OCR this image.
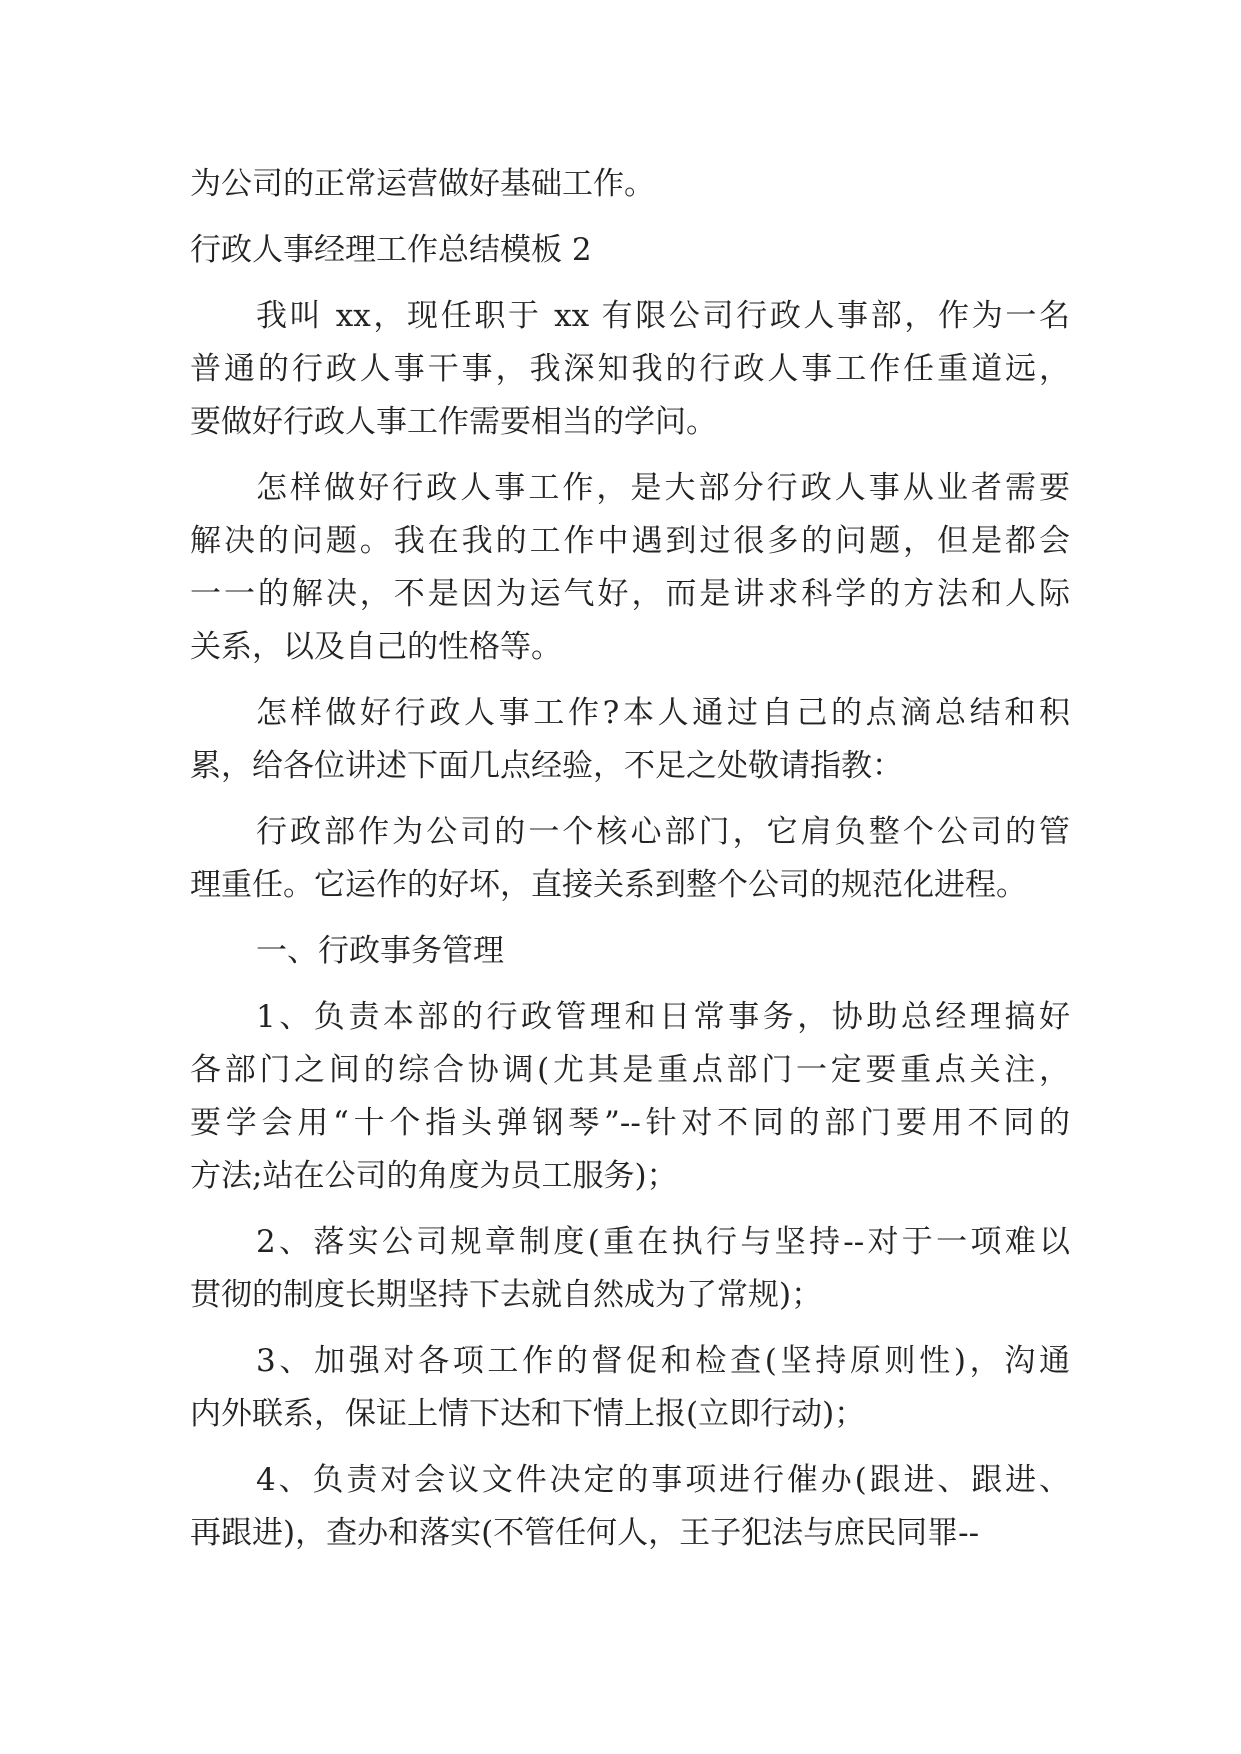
为公司的正常运营做好基础工作。

行政人事经理工作总结模板 2

我叫 xx，现任职于 xx 有限公司行政人事部，作为一名

普通的行政人事干事，我深知我的行政人事工作任重道远，

要做好行政人事工作需要相当的学问。

怎样做好行政人事工作，是大部分行政人事从业者需要

解决的问题。我在我的工作中遇到过很多的问题，但是都会

一一的解决，不是因为运气好，而是讲求科学的方法和人际

关系，以及自己的性格等。

怎样做好行政人事工作?本人通过自己的点滴总结和积

累，给各位讲述下面几点经验，不足之处敬请指教：

行政部作为公司的一个核心部门，它肩负整个公司的管

理重任。它运作的好坏，直接关系到整个公司的规范化进程。

一、行政事务管理

1、负责本部的行政管理和日常事务，协助总经理搞好

各部门之间的综合协调(尤其是重点部门一定要重点关注，

要学会用“十个指头弹钢琴”--针对不同的部门要用不同的

方法;站在公司的角度为员工服务)；

2、落实公司规章制度(重在执行与坚持--对于一项难以

贯彻的制度长期坚持下去就自然成为了常规)；

3、加强对各项工作的督促和检查(坚持原则性)，沟通

内外联系，保证上情下达和下情上报(立即行动)；

4、负责对会议文件决定的事项进行催办(跟进、跟进、

再跟进)，查办和落实(不管任何人，王子犯法与庶民同罪--
